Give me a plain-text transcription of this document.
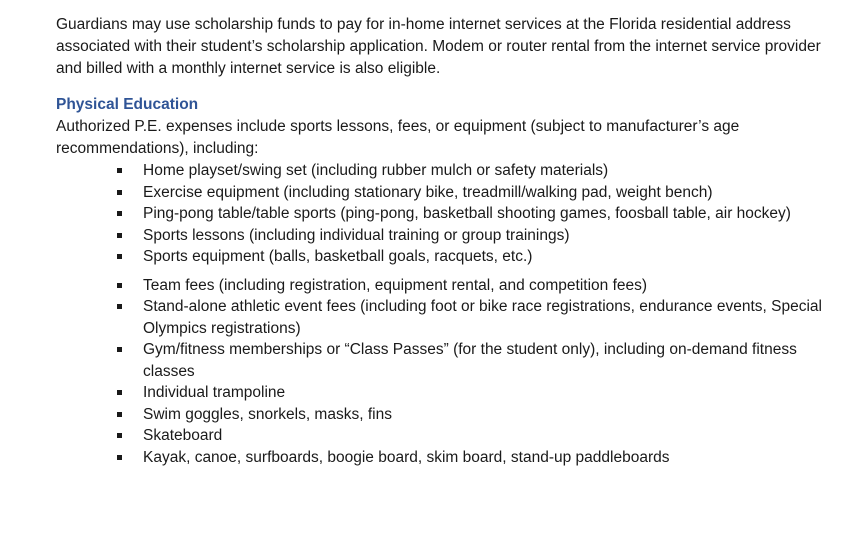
Guardians may use scholarship funds to pay for in-home internet services at the Florida residential address associated with their student’s scholarship application. Modem or router rental from the internet service provider and billed with a monthly internet service is also eligible.

Physical Education

Authorized P.E. expenses include sports lessons, fees, or equipment (subject to manufacturer’s age recommendations), including:

Home playset/swing set (including rubber mulch or safety materials)
Exercise equipment (including stationary bike, treadmill/walking pad, weight bench)
Ping-pong table/table sports (ping-pong, basketball shooting games, foosball table, air hockey)
Sports lessons (including individual training or group trainings)
Sports equipment (balls, basketball goals, racquets, etc.)
Team fees (including registration, equipment rental, and competition fees)
Stand-alone athletic event fees (including foot or bike race registrations, endurance events, Special Olympics registrations)
Gym/fitness memberships or “Class Passes” (for the student only), including on-demand fitness classes
Individual trampoline
Swim goggles, snorkels, masks, fins
Skateboard
Kayak, canoe, surfboards, boogie board, skim board, stand-up paddleboards
